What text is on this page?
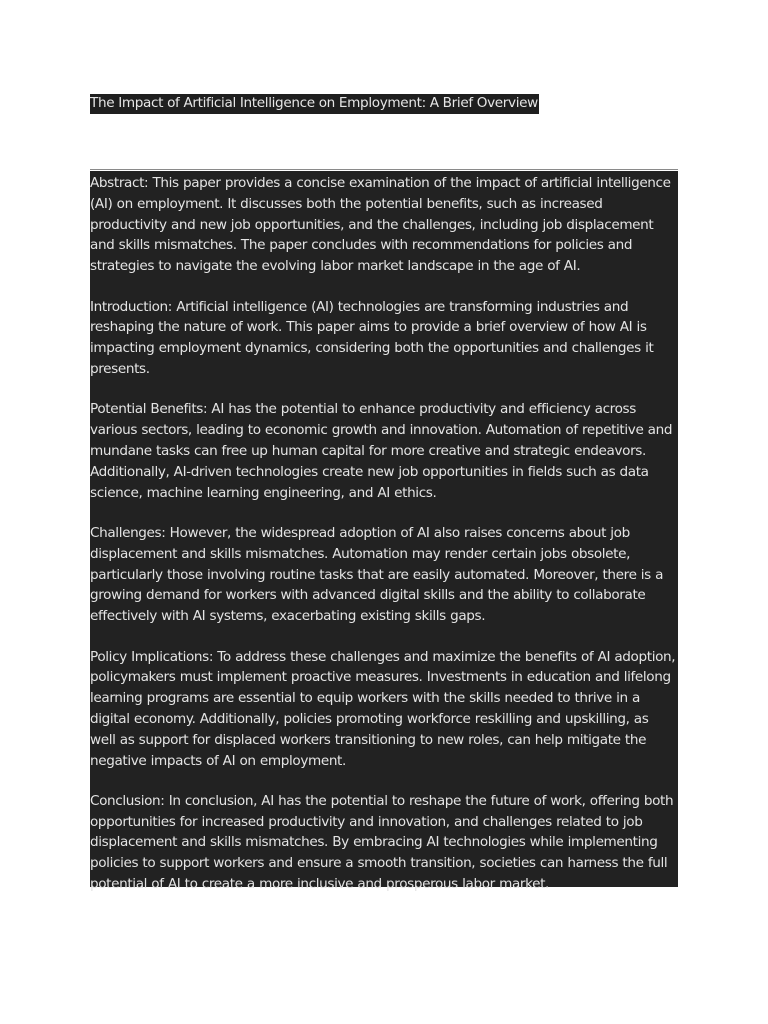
The Impact of Artificial Intelligence on Employment: A Brief Overview

Abstract: This paper provides a concise examination of the impact of artificial intelligence (AI) on employment. It discusses both the potential benefits, such as increased productivity and new job opportunities, and the challenges, including job displacement and skills mismatches. The paper concludes with recommendations for policies and strategies to navigate the evolving labor market landscape in the age of AI.

Introduction: Artificial intelligence (AI) technologies are transforming industries and reshaping the nature of work. This paper aims to provide a brief overview of how AI is impacting employment dynamics, considering both the opportunities and challenges it presents.

Potential Benefits: AI has the potential to enhance productivity and efficiency across various sectors, leading to economic growth and innovation. Automation of repetitive and mundane tasks can free up human capital for more creative and strategic endeavors. Additionally, AI-driven technologies create new job opportunities in fields such as data science, machine learning engineering, and AI ethics.

Challenges: However, the widespread adoption of AI also raises concerns about job displacement and skills mismatches. Automation may render certain jobs obsolete, particularly those involving routine tasks that are easily automated. Moreover, there is a growing demand for workers with advanced digital skills and the ability to collaborate effectively with AI systems, exacerbating existing skills gaps.

Policy Implications: To address these challenges and maximize the benefits of AI adoption, policymakers must implement proactive measures. Investments in education and lifelong learning programs are essential to equip workers with the skills needed to thrive in a digital economy. Additionally, policies promoting workforce reskilling and upskilling, as well as support for displaced workers transitioning to new roles, can help mitigate the negative impacts of AI on employment.

Conclusion: In conclusion, AI has the potential to reshape the future of work, offering both opportunities for increased productivity and innovation, and challenges related to job displacement and skills mismatches. By embracing AI technologies while implementing policies to support workers and ensure a smooth transition, societies can harness the full potential of AI to create a more inclusive and prosperous labor market.
